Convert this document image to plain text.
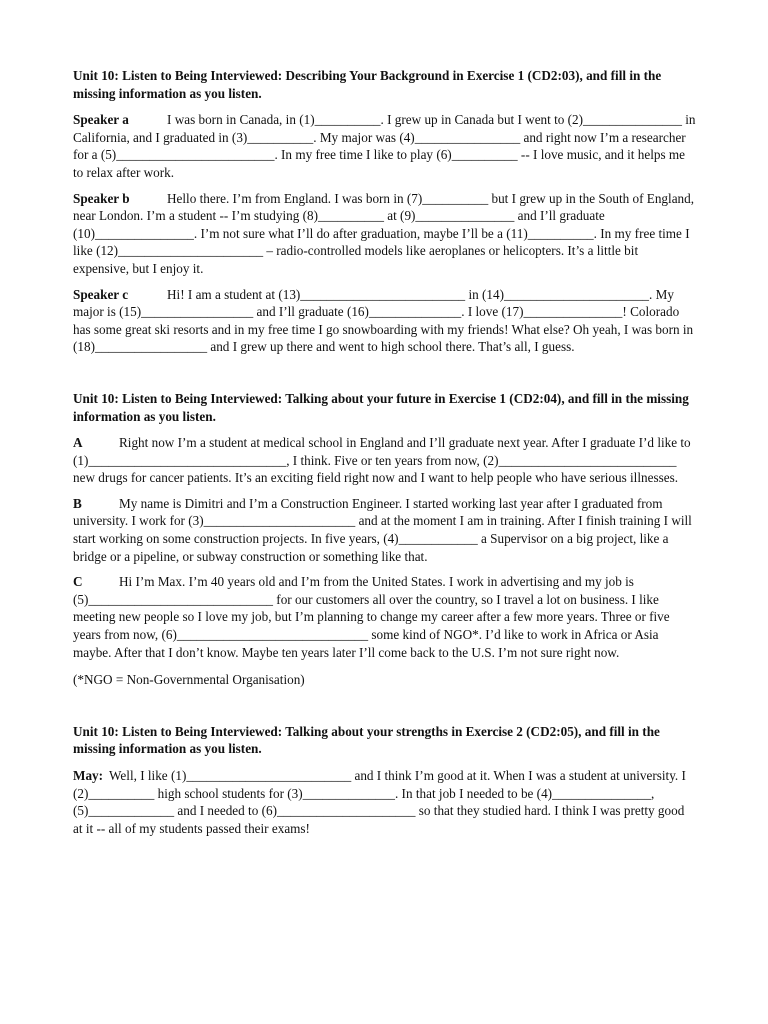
Unit 10: Listen to Being Interviewed: Describing Your Background in Exercise 1 (CD2:03), and fill in the missing information as you listen.

Speaker a	I was born in Canada, in (1)__________. I grew up in Canada but I went to (2)_______________ in California, and I graduated in (3)__________. My major was (4)________________ and right now I’m a researcher for a (5)________________________. In my free time I like to play (6)__________ -- I love music, and it helps me to relax after work.

Speaker b	Hello there. I’m from England. I was born in (7)__________ but I grew up in the South of England, near London. I’m a student -- I’m studying (8)__________ at (9)_______________ and I’ll graduate (10)_______________. I’m not sure what I’ll do after graduation, maybe I’ll be a (11)__________. In my free time I like (12)______________________ – radio-controlled models like aeroplanes or helicopters. It’s a little bit expensive, but I enjoy it.

Speaker c	Hi! I am a student at (13)_________________________ in (14)______________________. My major is (15)_________________ and I’ll graduate (16)______________. I love (17)_______________! Colorado has some great ski resorts and in my free time I go snowboarding with my friends! What else? Oh yeah, I was born in (18)_________________ and I grew up there and went to high school there. That’s all, I guess.

Unit 10: Listen to Being Interviewed: Talking about your future in Exercise 1 (CD2:04), and fill in the missing information as you listen.

A	Right now I’m a student at medical school in England and I’ll graduate next year. After I graduate I’d like to (1)______________________________, I think. Five or ten years from now, (2)___________________________ new drugs for cancer patients. It’s an exciting field right now and I want to help people who have serious illnesses.

B	My name is Dimitri and I’m a Construction Engineer. I started working last year after I graduated from university. I work for (3)_______________________ and at the moment I am in training. After I finish training I will start working on some construction projects. In five years, (4)____________ a Supervisor on a big project, like a bridge or a pipeline, or subway construction or something like that.

C	Hi I’m Max. I’m 40 years old and I’m from the United States. I work in advertising and my job is (5)____________________________ for our customers all over the country, so I travel a lot on business. I like meeting new people so I love my job, but I’m planning to change my career after a few more years. Three or five years from now, (6)_____________________________ some kind of NGO*. I’d like to work in Africa or Asia maybe. After that I don’t know. Maybe ten years later I’ll come back to the U.S. I’m not sure right now.

(*NGO = Non-Governmental Organisation)

Unit 10: Listen to Being Interviewed: Talking about your strengths in Exercise 2 (CD2:05), and fill in the missing information as you listen.

May: Well, I like (1)_________________________ and I think I’m good at it. When I was a student at university. I (2)__________ high school students for (3)______________. In that job I needed to be (4)_______________, (5)_____________ and I needed to (6)_____________________ so that they studied hard. I think I was pretty good at it -- all of my students passed their exams!
